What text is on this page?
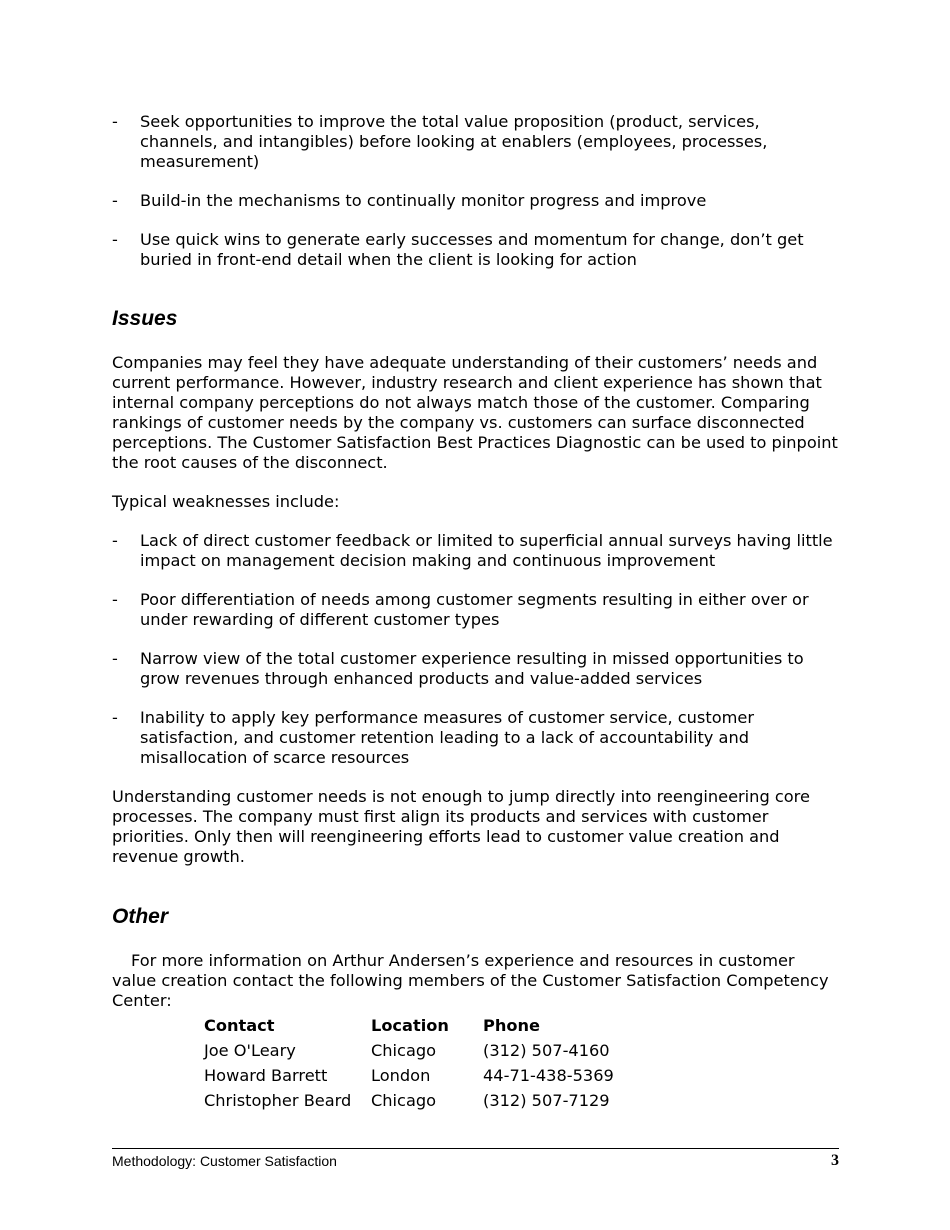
- Seek opportunities to improve the total value proposition (product, services, channels, and intangibles) before looking at enablers (employees, processes, measurement)
- Build-in the mechanisms to continually monitor progress and improve
- Use quick wins to generate early successes and momentum for change, don’t get buried in front-end detail when the client is looking for action
Issues

Companies may feel they have adequate understanding of their customers’ needs and current performance. However, industry research and client experience has shown that internal company perceptions do not always match those of the customer. Comparing rankings of customer needs by the company vs. customers can surface disconnected perceptions. The Customer Satisfaction Best Practices Diagnostic can be used to pinpoint the root causes of the disconnect.

Typical weaknesses include:

- Lack of direct customer feedback or limited to superficial annual surveys having little impact on management decision making and continuous improvement
- Poor differentiation of needs among customer segments resulting in either over or under rewarding of different customer types
- Narrow view of the total customer experience resulting in missed opportunities to grow revenues through enhanced products and value-added services
- Inability to apply key performance measures of customer service, customer satisfaction, and customer retention leading to a lack of accountability and misallocation of scarce resources

Understanding customer needs is not enough to jump directly into reengineering core processes. The company must first align its products and services with customer priorities. Only then will reengineering efforts lead to customer value creation and revenue growth.

Other

For more information on Arthur Andersen’s experience and resources in customer value creation contact the following members of the Customer Satisfaction Competency Center:

Contact	Location	Phone
Joe O'Leary	Chicago	(312) 507-4160
Howard Barrett	London	44-71-438-5369
Christopher Beard	Chicago	(312) 507-7129
Methodology: Customer Satisfaction	3
